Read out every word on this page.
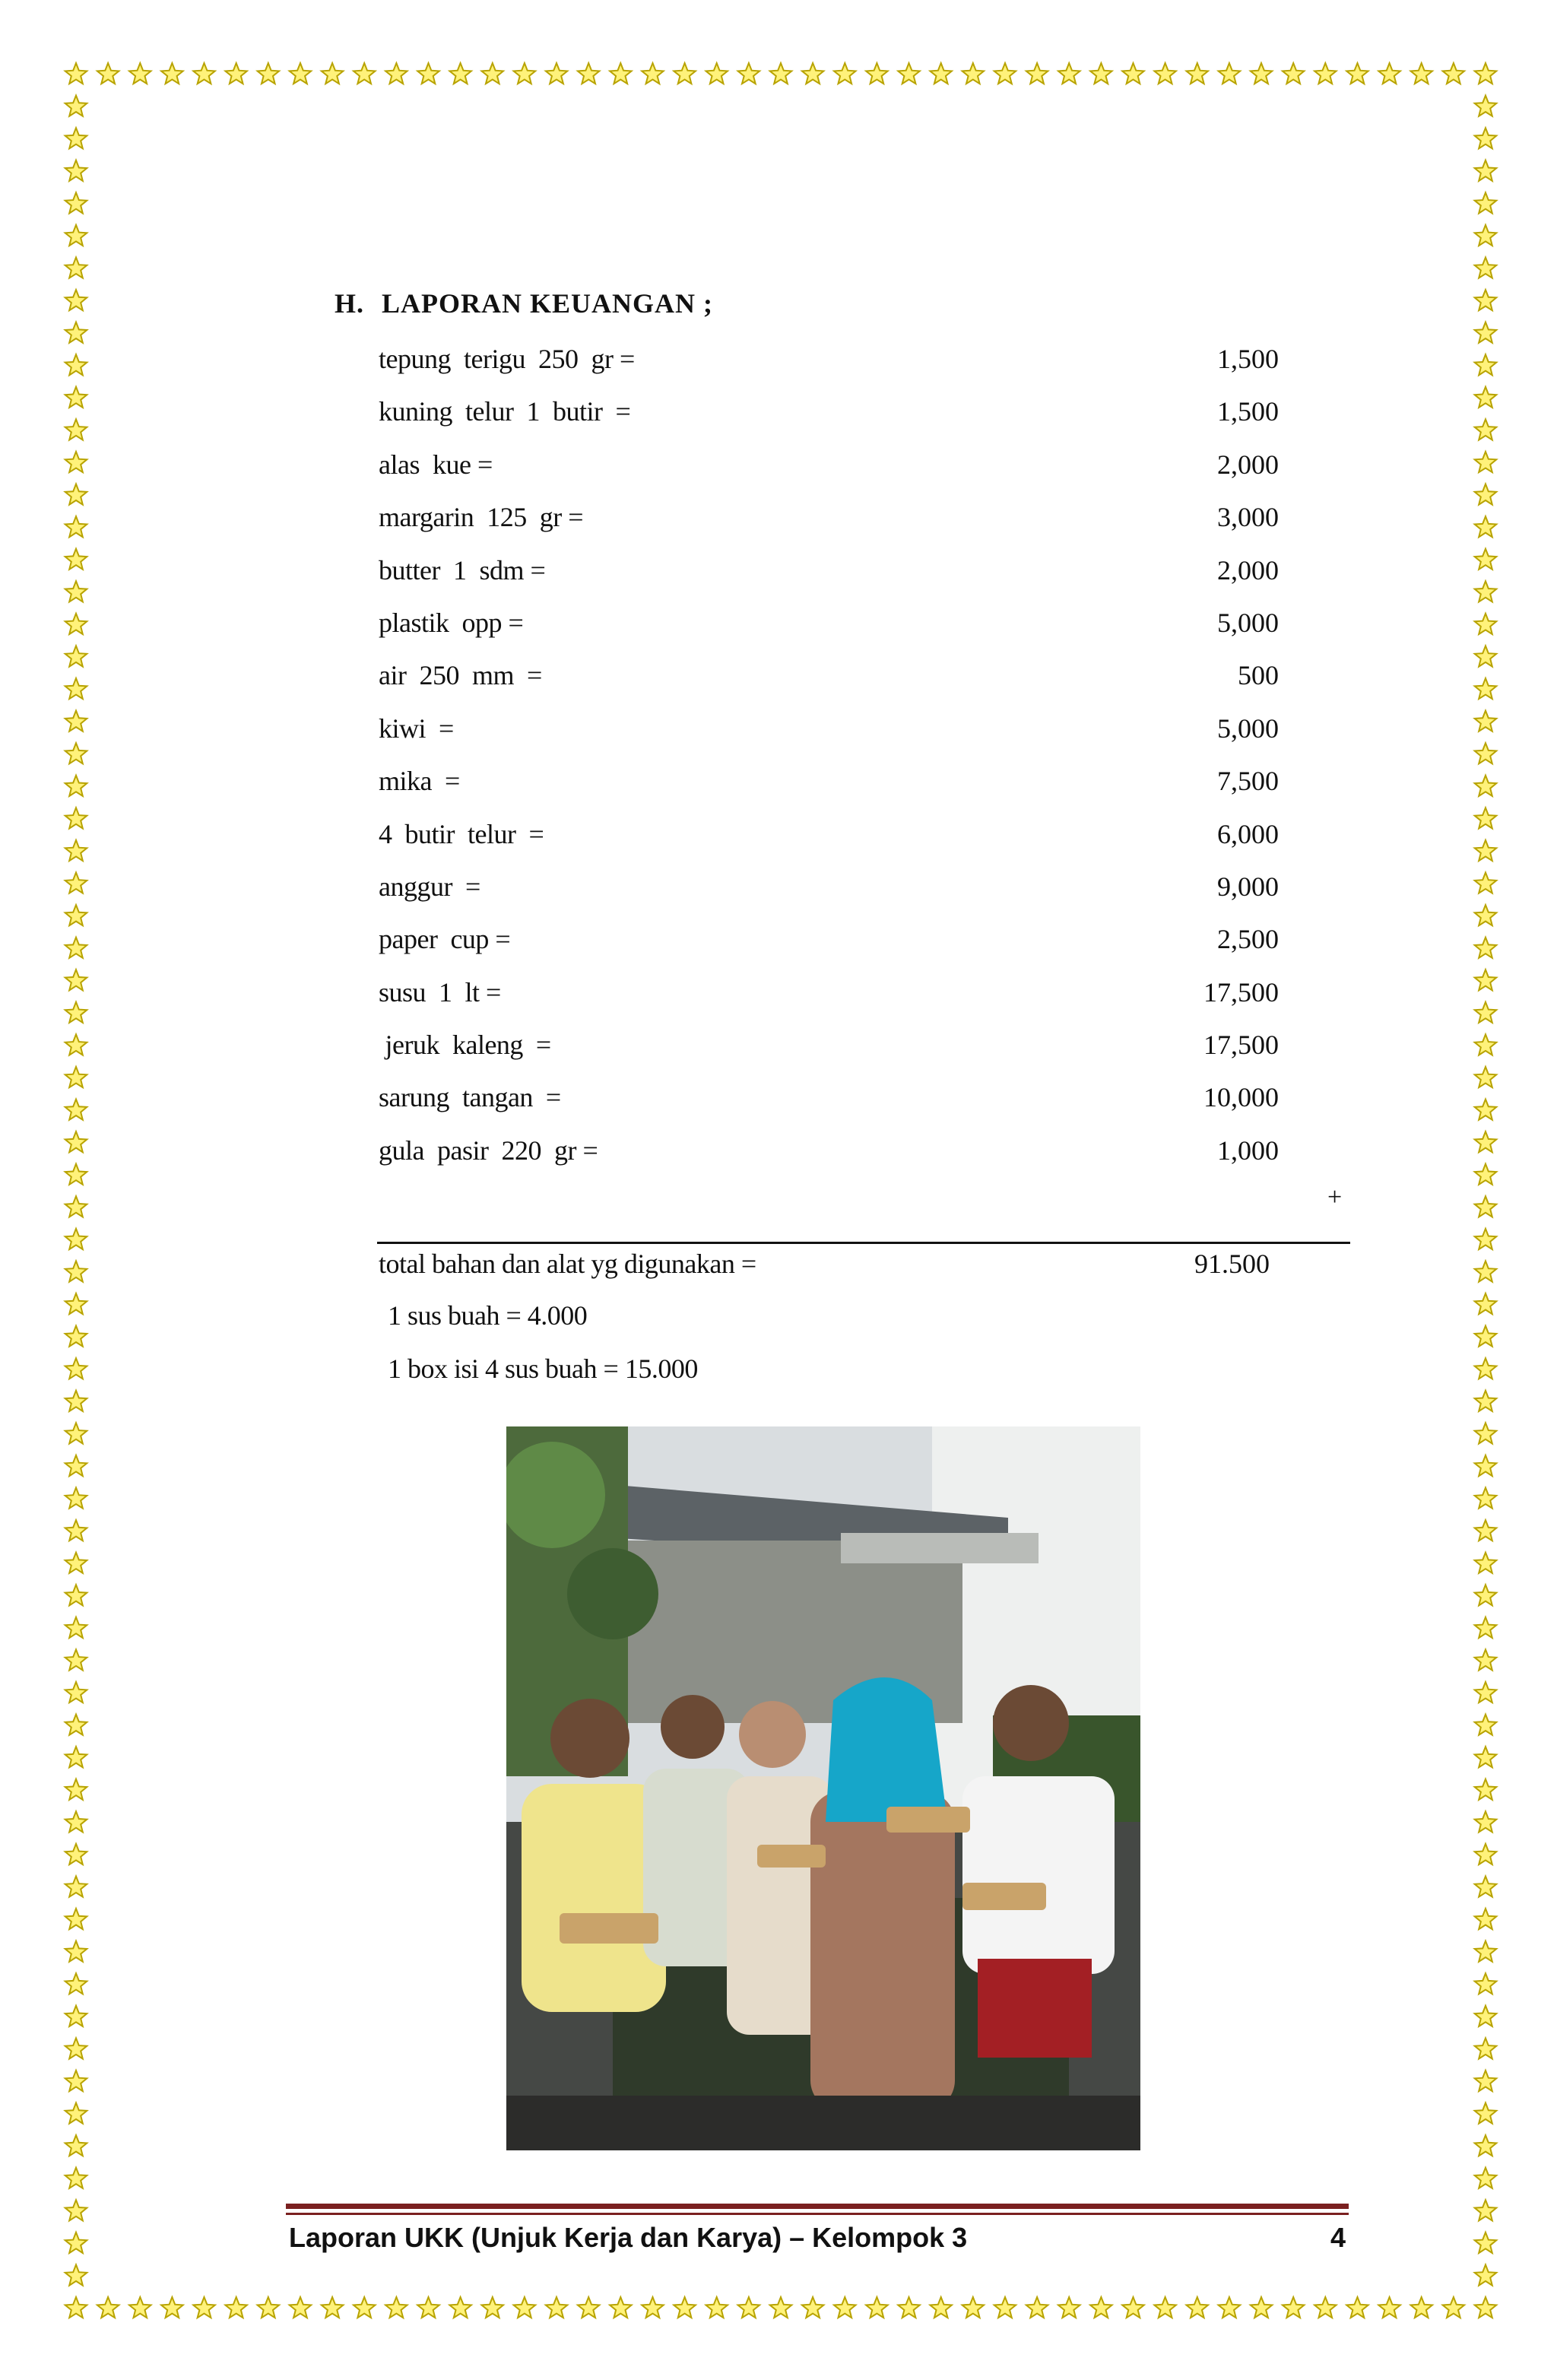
H. LAPORAN KEUANGAN ;
tepung  terigu  250  gr =	1,500
kuning  telur  1  butir  =	1,500
alas  kue =	2,000
margarin  125  gr =	3,000
butter  1  sdm =	2,000
plastik  opp =	5,000
air  250  mm  =	500
kiwi  =	5,000
mika  =	7,500
4  butir  telur  =	6,000
anggur  =	9,000
paper  cup =	2,500
susu  1  lt =	17,500
jeruk  kaleng  =	17,500
sarung  tangan  =	10,000
gula  pasir  220  gr =	1,000
+
total bahan dan alat yg digunakan =	91.500
1 sus buah = 4.000
1 box isi 4 sus buah = 15.000
Laporan UKK (Unjuk Kerja dan Karya) – Kelompok 3	4
